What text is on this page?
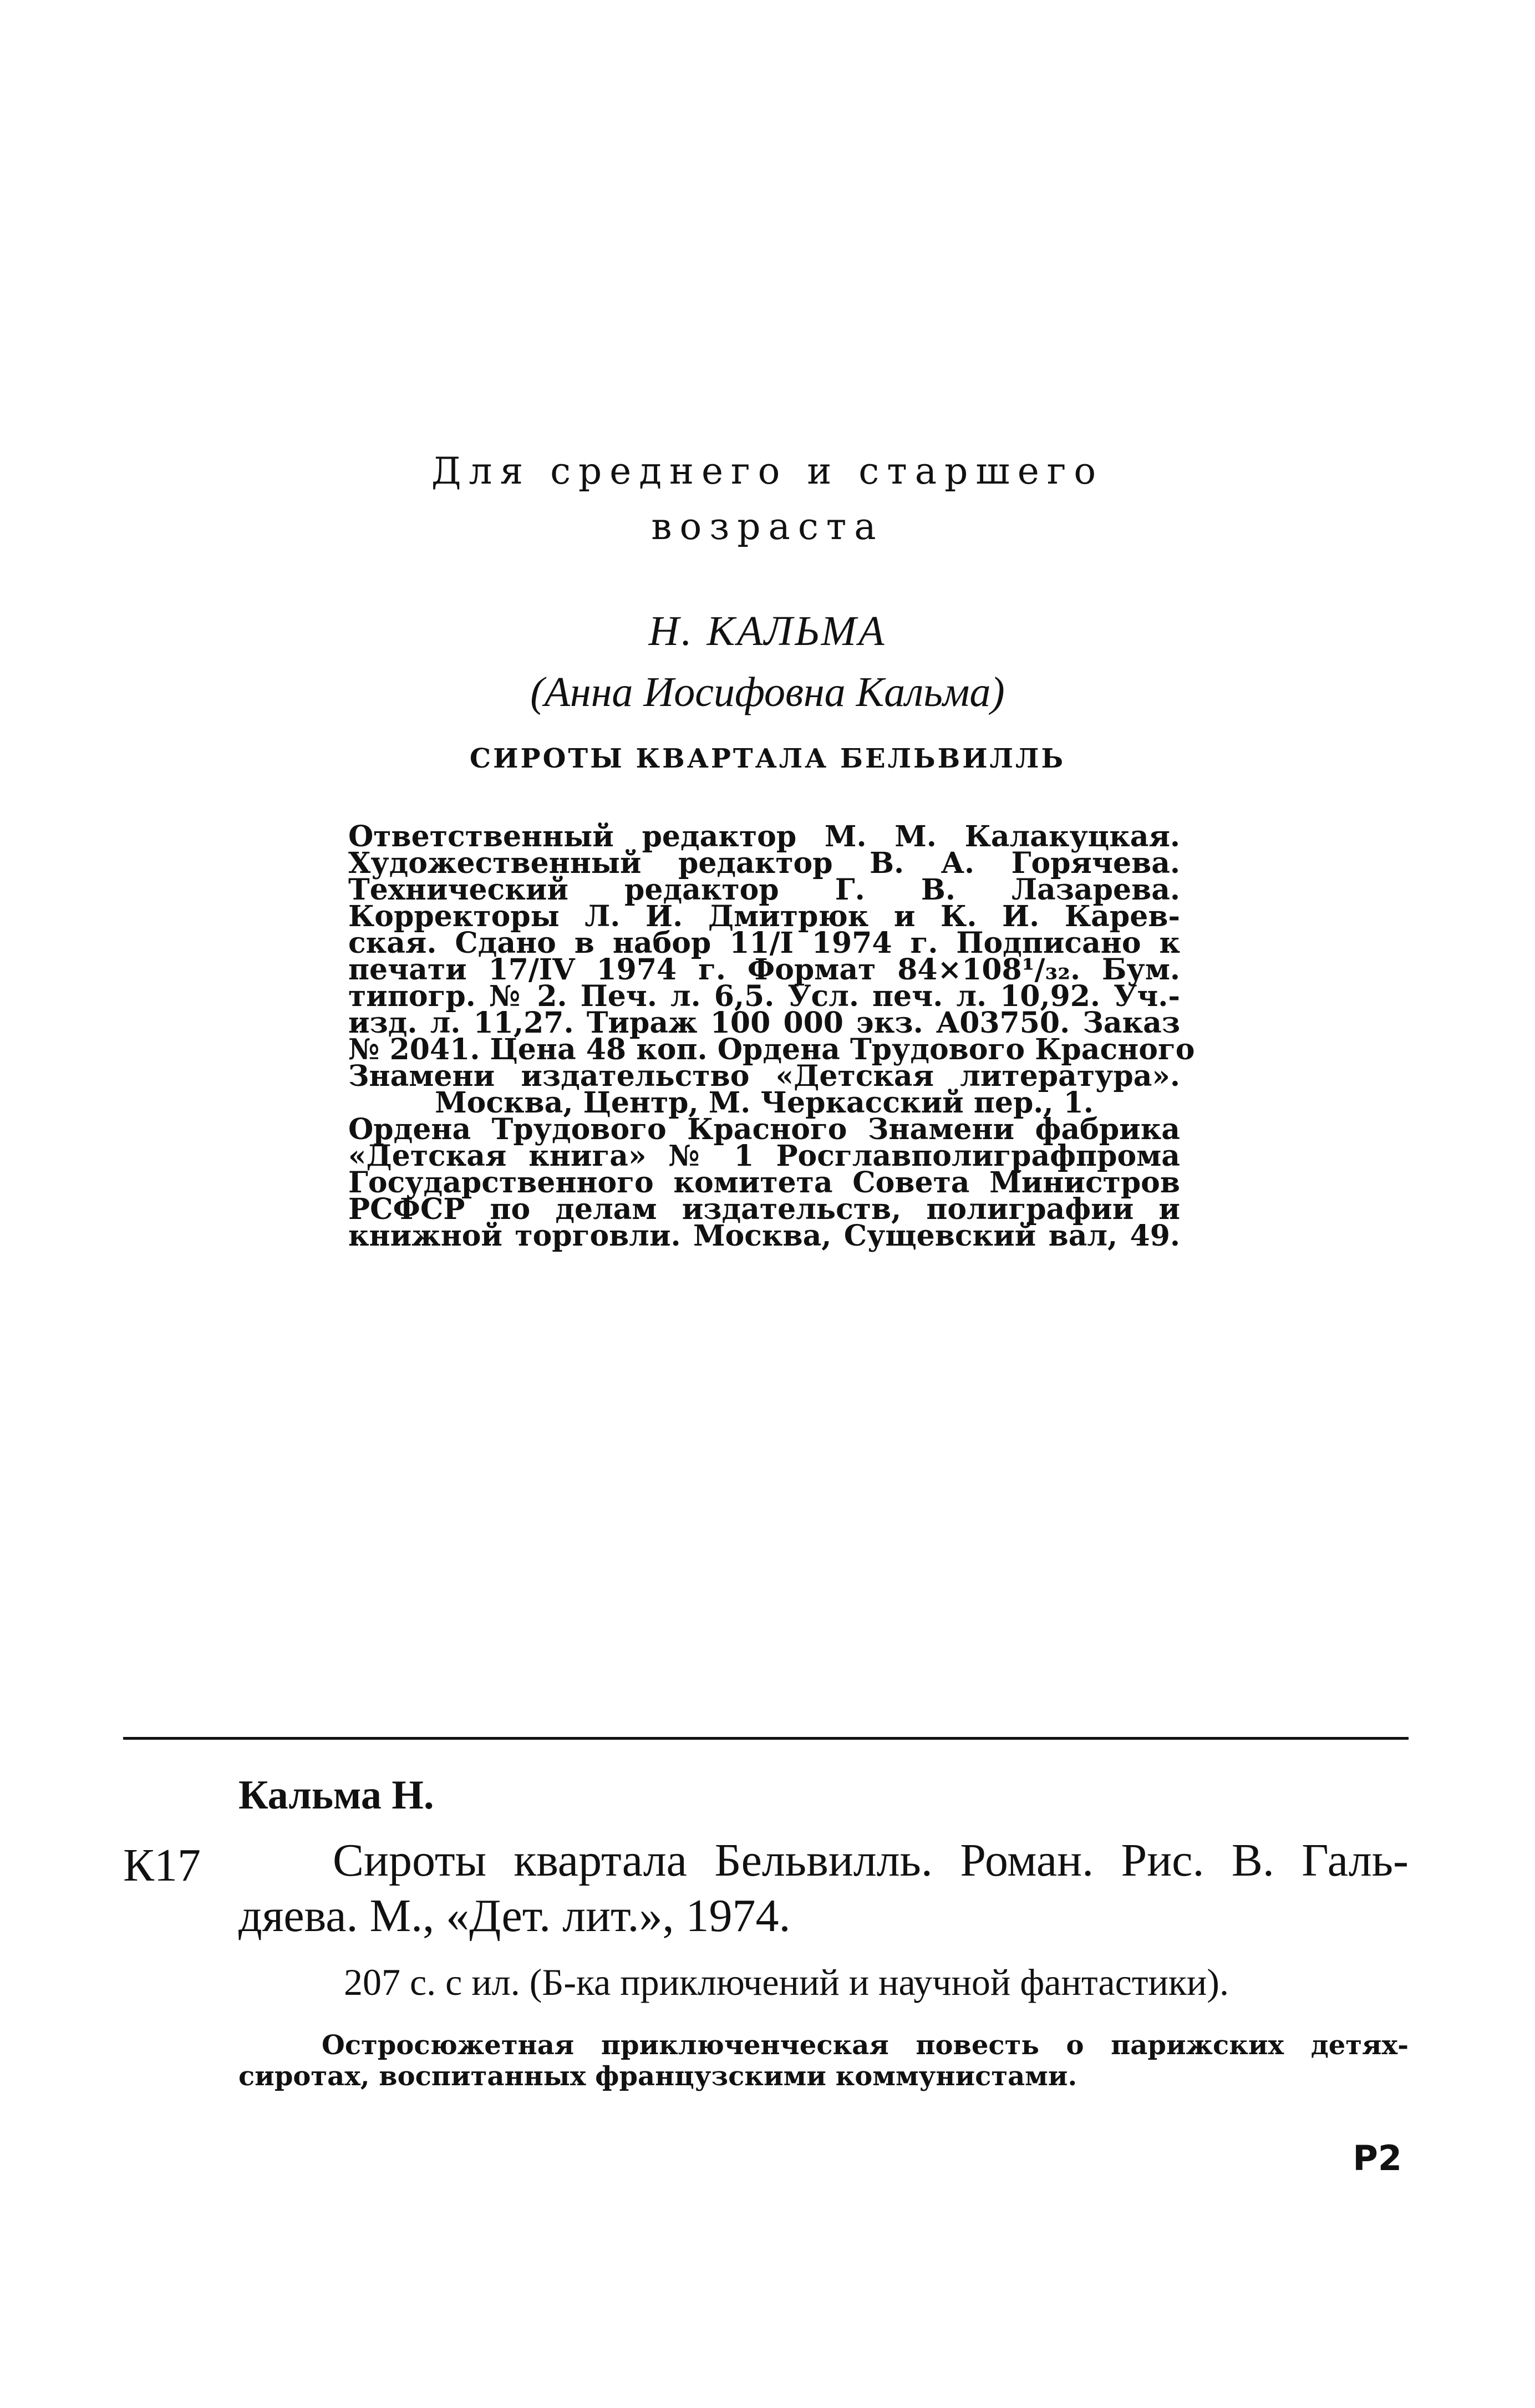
Для среднего и старшего
возраста
Н. КАЛЬМА
(Анна Иосифовна Кальма)
СИРОТЫ КВАРТАЛА БЕЛЬВИЛЛЬ
Ответственный редактор М. М. Калакуцкая.
Художественный редактор В. А. Горячева.
Технический редактор Г. В. Лазарева.
Корректоры Л. И. Дмитрюк и К. И. Карев-
ская. Сдано в набор 11/I 1974 г. Подписано к
печати 17/IV 1974 г. Формат 84×108¹/₃₂. Бум.
типогр. № 2. Печ. л. 6,5. Усл. печ. л. 10,92. Уч.-
изд. л. 11,27. Тираж 100 000 экз. А03750. Заказ
№ 2041. Цена 48 коп. Ордена Трудового Красного
Знамени издательство «Детская литература».
Москва, Центр, М. Черкасский пер., 1.
Ордена Трудового Красного Знамени фабрика
«Детская книга» № 1 Росглавполиграфпрома
Государственного комитета Совета Министров
РСФСР по делам издательств, полиграфии и
книжной торговли. Москва, Сущевский вал, 49.
Кальма Н.
К17	Сироты квартала Бельвилль. Роман. Рис. В. Галь-
дяева. М., «Дет. лит.», 1974.
207 с. с ил. (Б-ка приключений и научной фантастики).
Остросюжетная приключенческая повесть о парижских детях-
сиротах, воспитанных французскими коммунистами.
Р2
